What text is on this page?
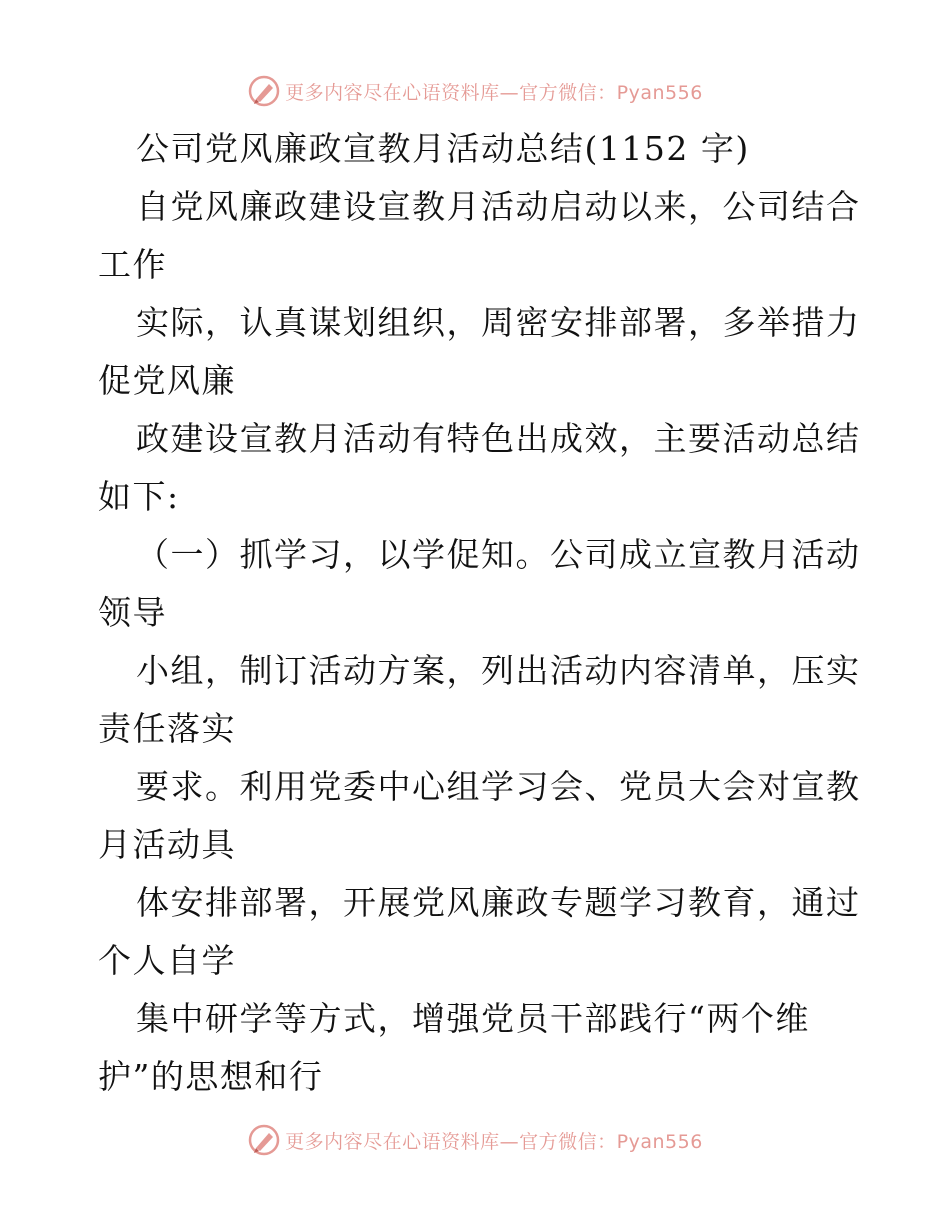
更多内容尽在心语资料库—官方微信：Pyan556
公司党风廉政宣教月活动总结(1152 字)
自党风廉政建设宣教月活动启动以来，公司结合
工作
实际，认真谋划组织，周密安排部署，多举措力
促党风廉
政建设宣教月活动有特色出成效，主要活动总结
如下:
（一）抓学习，以学促知。公司成立宣教月活动
领导
小组，制订活动方案，列出活动内容清单，压实
责任落实
要求。利用党委中心组学习会、党员大会对宣教
月活动具
体安排部署，开展党风廉政专题学习教育，通过
个人自学
集中研学等方式，增强党员干部践行“两个维
护”的思想和行
更多内容尽在心语资料库—官方微信：Pyan556
